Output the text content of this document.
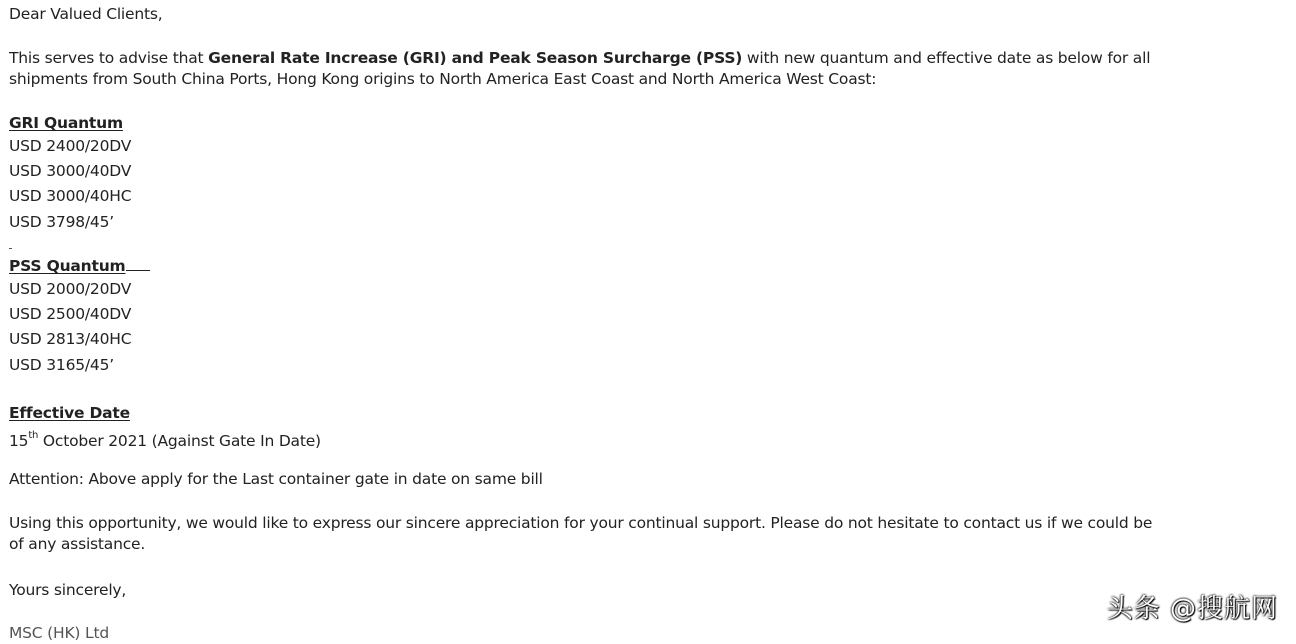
Dear Valued Clients,
This serves to advise that General Rate Increase (GRI) and Peak Season Surcharge (PSS) with new quantum and effective date as below for all
shipments from South China Ports, Hong Kong origins to North America East Coast and North America West Coast:
GRI Quantum
USD 2400/20DV
USD 3000/40DV
USD 3000/40HC
USD 3798/45’
PSS Quantum
USD 2000/20DV
USD 2500/40DV
USD 2813/40HC
USD 3165/45’
Effective Date
15th October 2021 (Against Gate In Date)
Attention: Above apply for the Last container gate in date on same bill
Using this opportunity, we would like to express our sincere appreciation for your continual support. Please do not hesitate to contact us if we could be
of any assistance.
Yours sincerely,
MSC (HK) Ltd
头条 @搜航网
